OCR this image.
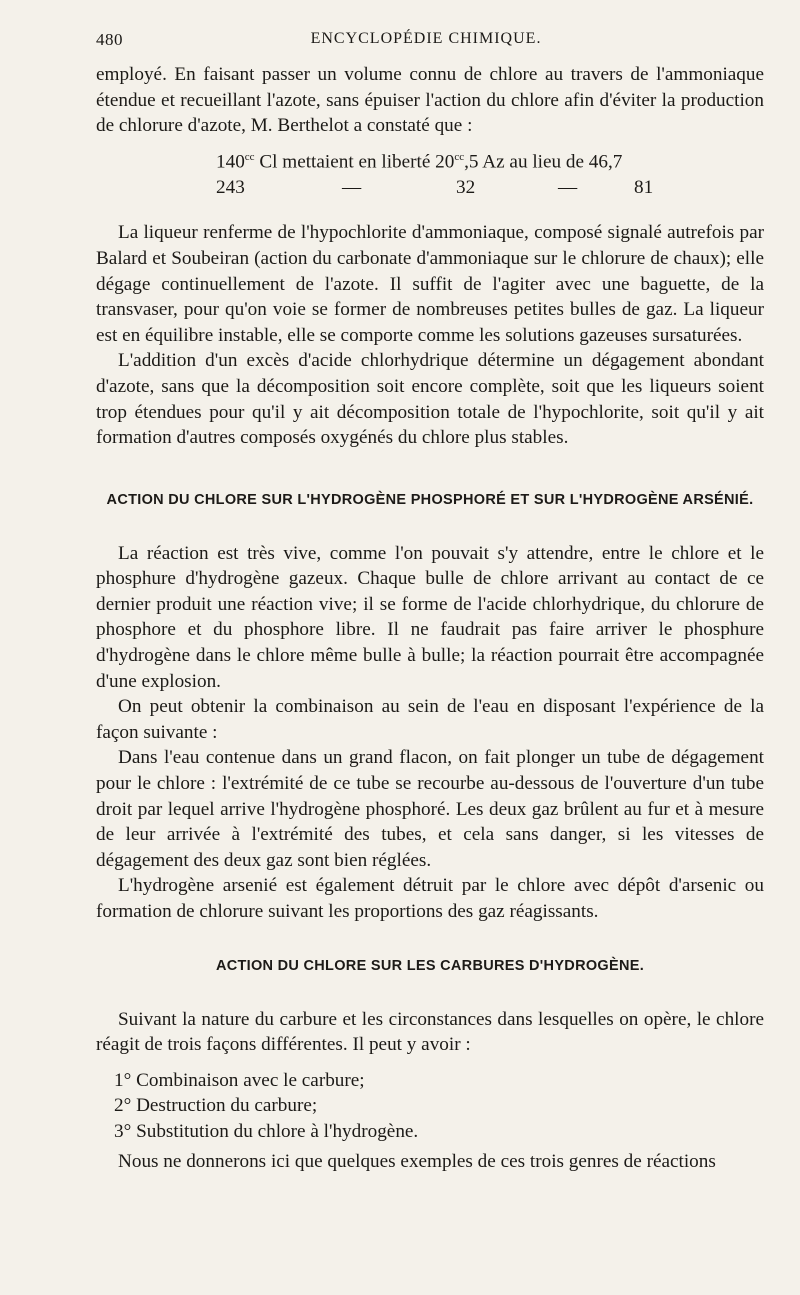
480	ENCYCLOPÉDIE CHIMIQUE.

employé. En faisant passer un volume connu de chlore au travers de l'ammoniaque étendue et recueillant l'azote, sans épuiser l'action du chlore afin d'éviter la production de chlorure d'azote, M. Berthelot a constaté que :

$140^{cc}$ Cl mettaient en liberté $20^{cc},5$ Az au lieu de 46,7
243	—	32	—	81

La liqueur renferme de l'hypochlorite d'ammoniaque, composé signalé autrefois par Balard et Soubeiran (action du carbonate d'ammoniaque sur le chlorure de chaux); elle dégage continuellement de l'azote. Il suffit de l'agiter avec une baguette, de la transvaser, pour qu'on voie se former de nombreuses petites bulles de gaz. La liqueur est en équilibre instable, elle se comporte comme les solutions gazeuses sursaturées.

L'addition d'un excès d'acide chlorhydrique détermine un dégagement abondant d'azote, sans que la décomposition soit encore complète, soit que les liqueurs soient trop étendues pour qu'il y ait décomposition totale de l'hypochlorite, soit qu'il y ait formation d'autres composés oxygénés du chlore plus stables.

ACTION DU CHLORE SUR L'HYDROGÈNE PHOSPHORÉ ET SUR L'HYDROGÈNE ARSÉNIÉ.

La réaction est très vive, comme l'on pouvait s'y attendre, entre le chlore et le phosphure d'hydrogène gazeux. Chaque bulle de chlore arrivant au contact de ce dernier produit une réaction vive; il se forme de l'acide chlorhydrique, du chlorure de phosphore et du phosphore libre. Il ne faudrait pas faire arriver le phosphure d'hydrogène dans le chlore même bulle à bulle; la réaction pourrait être accompagnée d'une explosion.

On peut obtenir la combinaison au sein de l'eau en disposant l'expérience de la façon suivante :

Dans l'eau contenue dans un grand flacon, on fait plonger un tube de dégagement pour le chlore : l'extrémité de ce tube se recourbe au-dessous de l'ouverture d'un tube droit par lequel arrive l'hydrogène phosphoré. Les deux gaz brûlent au fur et à mesure de leur arrivée à l'extrémité des tubes, et cela sans danger, si les vitesses de dégagement des deux gaz sont bien réglées.

L'hydrogène arsenié est également détruit par le chlore avec dépôt d'arsenic ou formation de chlorure suivant les proportions des gaz réagissants.

ACTION DU CHLORE SUR LES CARBURES D'HYDROGÈNE.

Suivant la nature du carbure et les circonstances dans lesquelles on opère, le chlore réagit de trois façons différentes. Il peut y avoir :

1° Combinaison avec le carbure;

2° Destruction du carbure;

3° Substitution du chlore à l'hydrogène.

Nous ne donnerons ici que quelques exemples de ces trois genres de réactions
